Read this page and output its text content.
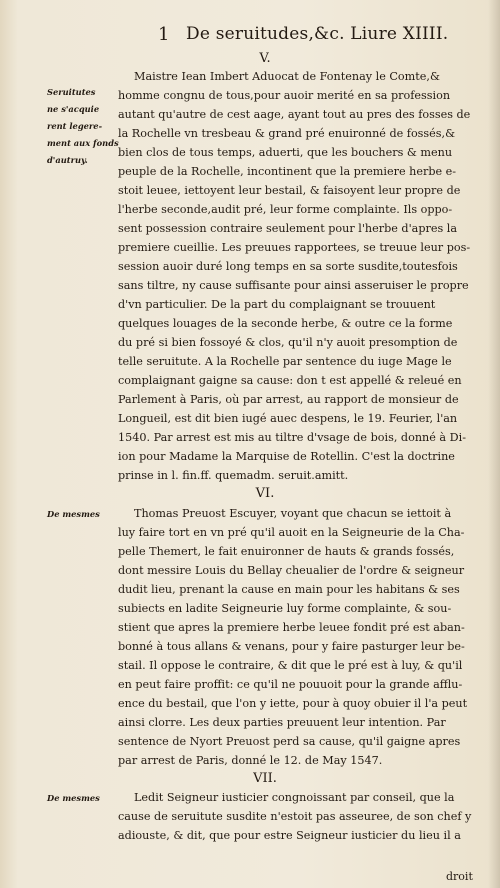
1 De seruitudes,&c. Liure XIIII.
V.
Seruitutes
ne s'acquie
rent legere-
ment aux fonds
d'autruy.
Maistre Iean Imbert Aduocat de Fontenay le Comte,&
homme congnu de tous,pour auoir merité en sa profession
autant qu'autre de cest aage, ayant tout au pres des fosses de
la Rochelle vn tresbeau & grand pré enuironné de fossés,&
bien clos de tous temps, aduerti, que les bouchers & menu
peuple de la Rochelle, incontinent que la premiere herbe e-
stoit leuee, iettoyent leur bestail, & faisoyent leur propre de
l'herbe seconde,audit pré, leur forme complainte. Ils oppo-
sent possession contraire seulement pour l'herbe d'apres la
premiere cueillie. Les preuues rapportees, se treuue leur pos-
session auoir duré long temps en sa sorte susdite,toutesfois
sans tiltre, ny cause suffisante pour ainsi asseruiser le propre
d'vn particulier. De la part du complaignant se trouuent
quelques louages de la seconde herbe, & outre ce la forme
du pré si bien fossoyé & clos, qu'il n'y auoit presomption de
telle seruitute. A la Rochelle par sentence du iuge Mage le
complaignant gaigne sa cause: don t est appellé & releué en
Parlement à Paris, où par arrest, au rapport de monsieur de
Longueil, est dit bien iugé auec despens, le 19. Feurier, l'an
1540. Par arrest est mis au tiltre d'vsage de bois, donné à Di-
ion pour Madame la Marquise de Rotellin. C'est la doctrine
prinse in l. fin.ff. quemadm. seruit.amitt.
VI.
De mesmes	Thomas Preuost Escuyer, voyant que chacun se iettoit à
luy faire tort en vn pré qu'il auoit en la Seigneurie de la Cha-
pelle Themert, le fait enuironner de hauts & grands fossés,
dont messire Louis du Bellay cheualier de l'ordre & seigneur
dudit lieu, prenant la cause en main pour les habitans & ses
subiects en ladite Seigneurie luy forme complainte, & sou-
stient que apres la premiere herbe leuee fondit pré est aban-
bonné à tous allans & venans, pour y faire pasturger leur be-
stail. Il oppose le contraire, & dit que le pré est à luy, & qu'il
en peut faire proffit: ce qu'il ne pouuoit pour la grande afflu-
ence du bestail, que l'on y iette, pour à quoy obuier il l'a peut
ainsi clorre. Les deux parties preuuent leur intention. Par
sentence de Nyort Preuost perd sa cause, qu'il gaigne apres
par arrest de Paris, donné le 12. de May 1547.
VII.
De mesmes	Ledit Seigneur iusticier congnoissant par conseil, que la
cause de seruitute susdite n'estoit pas asseuree, de son chef y
adiouste, & dit, que pour estre Seigneur iusticier du lieu il a
droit
